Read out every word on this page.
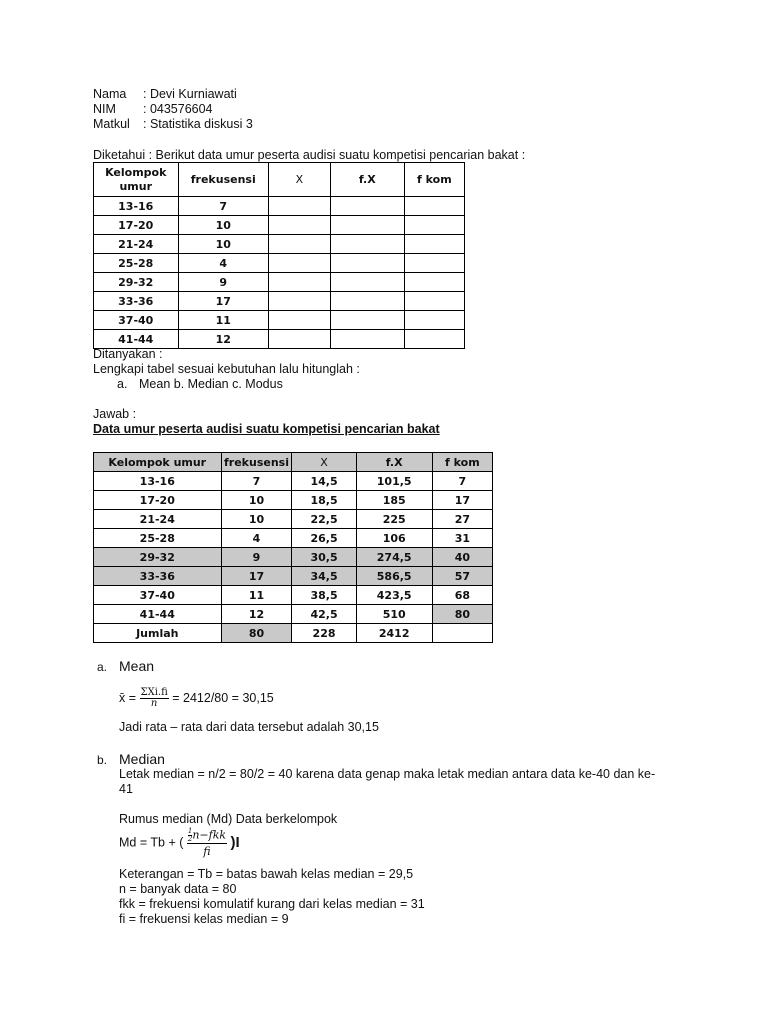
Nama : Devi Kurniawati
NIM : 043576604
Matkul : Statistika diskusi 3
Diketahui : Berikut data umur peserta audisi suatu kompetisi pencarian bakat :
Kelompok umur	frekusensi	X	f.X	f kom
13-16	7			
17-20	10			
21-24	10			
25-28	4			
29-32	9			
33-36	17			
37-40	11			
41-44	12			
Ditanyakan :
Lengkapi tabel sesuai kebutuhan lalu hitunglah :
a. Mean b. Median c. Modus
Jawab :
Data umur peserta audisi suatu kompetisi pencarian bakat
Kelompok umur	frekusensi	X	f.X	f kom
13-16	7	14,5	101,5	7
17-20	10	18,5	185	17
21-24	10	22,5	225	27
25-28	4	26,5	106	31
29-32	9	30,5	274,5	40
33-36	17	34,5	586,5	57
37-40	11	38,5	423,5	68
41-44	12	42,5	510	80
Jumlah	80	228	2412	
a. Mean
x̄ = $\frac{\text{ΣXi.fi}}{n} = 2412/80 = 30,15$
Jadi rata – rata dari data tersebut adalah 30,15
b. Median
Letak median = n/2 = 80/2 = 40 karena data genap maka letak median antara data ke-40 dan ke-
41
Rumus median (Md) Data berkelompok
Md = Tb + ( $\frac{\frac{1}{2} n-fkk}{fi} )I$
Keterangan = Tb = batas bawah kelas median = 29,5
n = banyak data = 80
fkk = frekuensi komulatif kurang dari kelas median = 31
fi = frekuensi kelas median = 9
